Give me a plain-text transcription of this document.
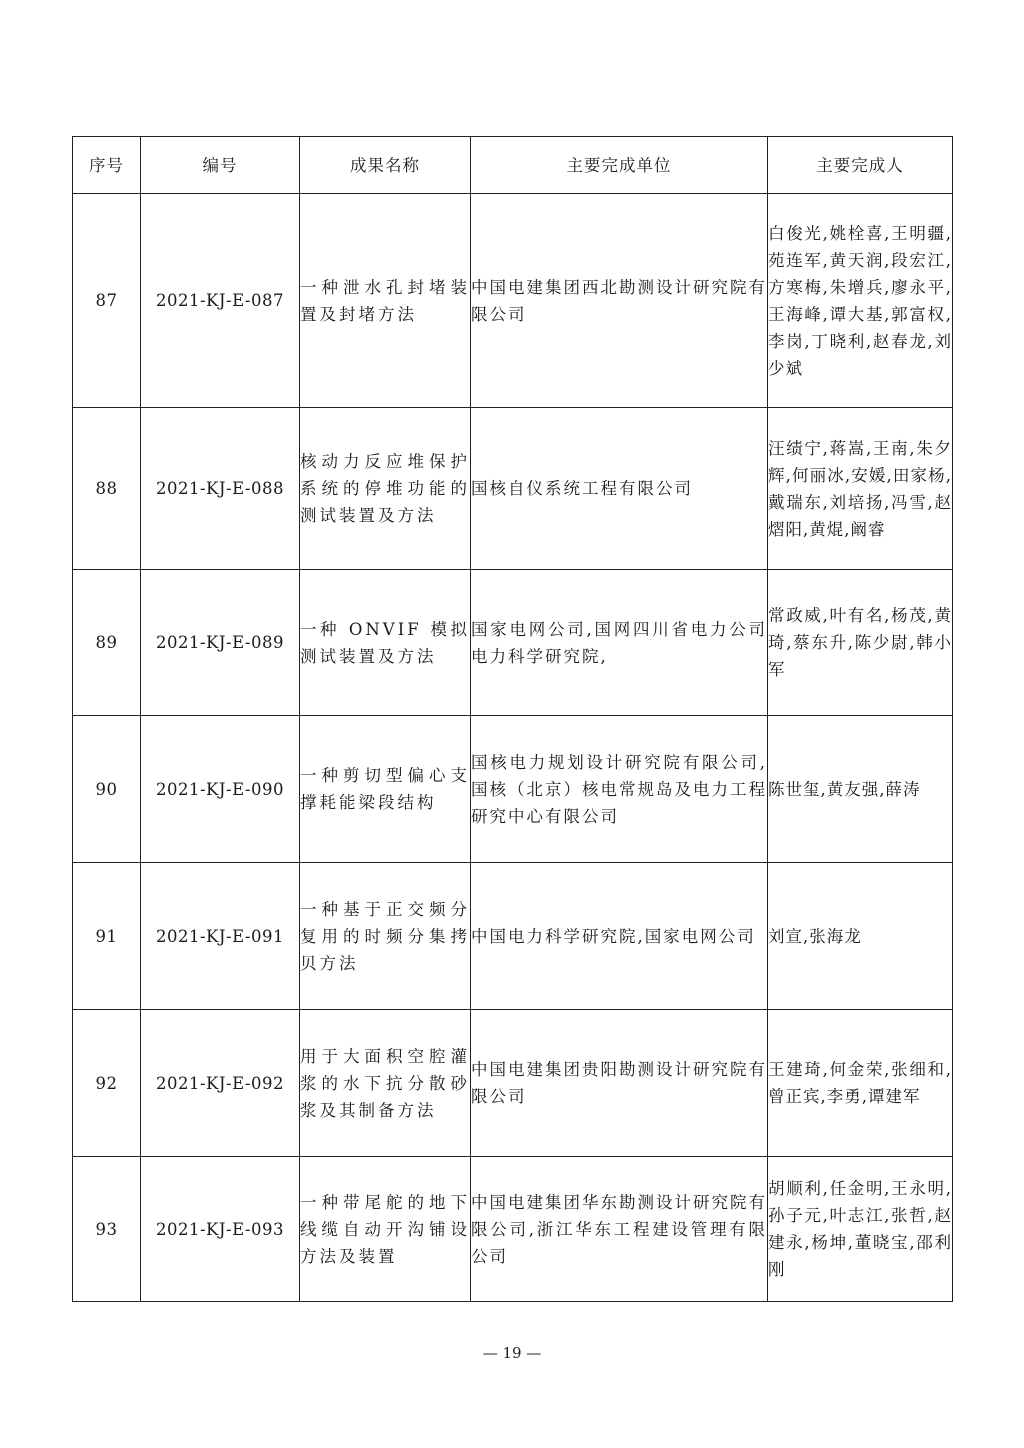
序号	编号	成果名称	主要完成单位	主要完成人
87	2021-KJ-E-087	一种泄水孔封堵装置及封堵方法	中国电建集团西北勘测设计研究院有限公司	白俊光,姚栓喜,王明疆, 苑连军,黄天润,段宏江,方寒梅,朱增兵,廖永平,王海峰,谭大基,郭富权,李岗,丁晓利,赵春龙,刘少斌
88	2021-KJ-E-088	核动力反应堆保护系统的停堆功能的测试装置及方法	国核自仪系统工程有限公司	汪绩宁,蒋嵩,王南,朱夕辉,何丽冰,安媛,田家杨,戴瑞东,刘培扬,冯雪,赵熠阳,黄焜,阚睿
89	2021-KJ-E-089	一种 ONVIF 模拟测试装置及方法	国家电网公司,国网四川省电力公司电力科学研究院,	常政威,叶有名,杨茂,黄琦,蔡东升,陈少尉,韩小军
90	2021-KJ-E-090	一种剪切型偏心支撑耗能梁段结构	国核电力规划设计研究院有限公司,国核（北京）核电常规岛及电力工程研究中心有限公司	陈世玺,黄友强,薛涛
91	2021-KJ-E-091	一种基于正交频分复用的时频分集拷贝方法	中国电力科学研究院,国家电网公司	刘宣,张海龙
92	2021-KJ-E-092	用于大面积空腔灌浆的水下抗分散砂浆及其制备方法	中国电建集团贵阳勘测设计研究院有限公司	王建琦,何金荣,张细和,曾正宾,李勇,谭建军
93	2021-KJ-E-093	一种带尾舵的地下线缆自动开沟铺设方法及装置	中国电建集团华东勘测设计研究院有限公司,浙江华东工程建设管理有限公司	胡顺利,任金明,王永明,孙子元,叶志江,张哲,赵建永,杨坤,董晓宝,邵利刚
— 19 —
